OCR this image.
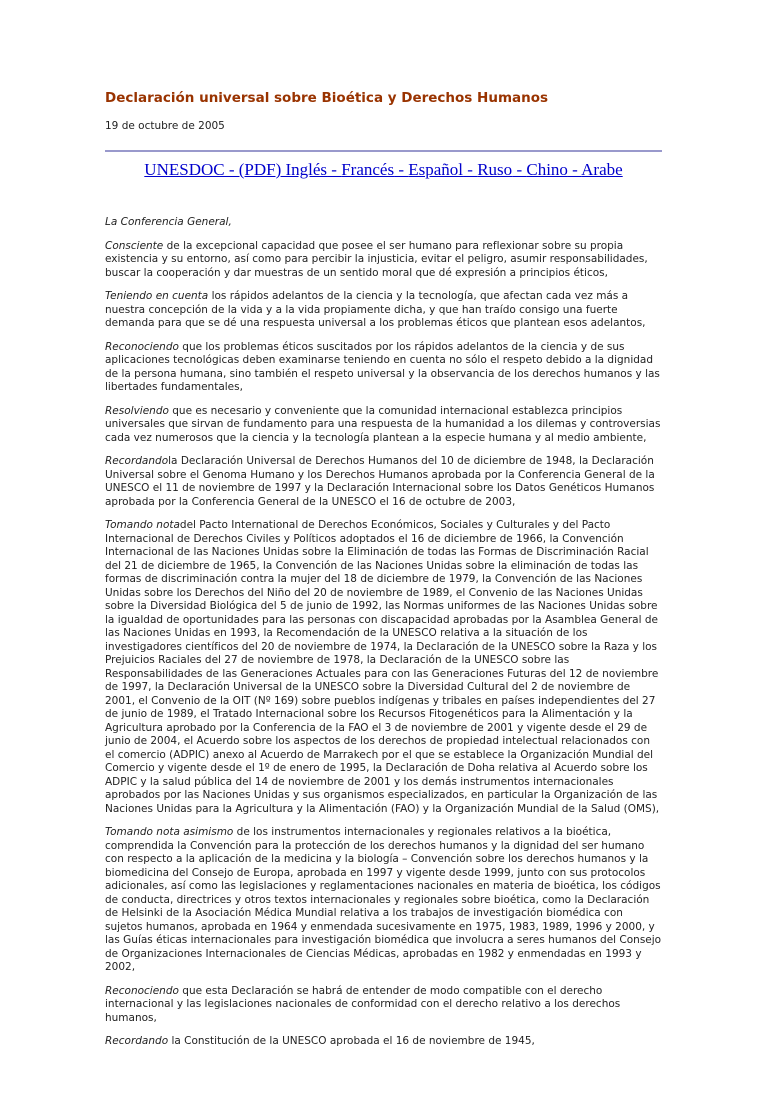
Declaración universal sobre Bioética y Derechos Humanos
19 de octubre de 2005
UNESDOC - (PDF) Inglés - Francés - Español - Ruso - Chino - Arabe

La Conferencia General,

Consciente de la excepcional capacidad que posee el ser humano para reflexionar sobre su propia existencia y su entorno, así como para percibir la injusticia, evitar el peligro, asumir responsabilidades, buscar la cooperación y dar muestras de un sentido moral que dé expresión a principios éticos,

Teniendo en cuenta los rápidos adelantos de la ciencia y la tecnología, que afectan cada vez más a nuestra concepción de la vida y a la vida propiamente dicha, y que han traído consigo una fuerte demanda para que se dé una respuesta universal a los problemas éticos que plantean esos adelantos,

Reconociendo que los problemas éticos suscitados por los rápidos adelantos de la ciencia y de sus aplicaciones tecnológicas deben examinarse teniendo en cuenta no sólo el respeto debido a la dignidad de la persona humana, sino también el respeto universal y la observancia de los derechos humanos y las libertades fundamentales,

Resolviendo que es necesario y conveniente que la comunidad internacional establezca principios universales que sirvan de fundamento para una respuesta de la humanidad a los dilemas y controversias cada vez numerosos que la ciencia y la tecnología plantean a la especie humana y al medio ambiente,

Recordandola Declaración Universal de Derechos Humanos del 10 de diciembre de 1948, la Declaración Universal sobre el Genoma Humano y los Derechos Humanos aprobada por la Conferencia General de la UNESCO el 11 de noviembre de 1997 y la Declaración Internacional sobre los Datos Genéticos Humanos aprobada por la Conferencia General de la UNESCO el 16 de octubre de 2003,

Tomando notadel Pacto International de Derechos Económicos, Sociales y Culturales y del Pacto Internacional de Derechos Civiles y Políticos adoptados el 16 de diciembre de 1966, la Convención Internacional de las Naciones Unidas sobre la Eliminación de todas las Formas de Discriminación Racial del 21 de diciembre de 1965, la Convención de las Naciones Unidas sobre la eliminación de todas las formas de discriminación contra la mujer del 18 de diciembre de 1979, la Convención de las Naciones Unidas sobre los Derechos del Niño del 20 de noviembre de 1989, el Convenio de las Naciones Unidas sobre la Diversidad Biológica del 5 de junio de 1992, las Normas uniformes de las Naciones Unidas sobre la igualdad de oportunidades para las personas con discapacidad aprobadas por la Asamblea General de las Naciones Unidas en 1993, la Recomendación de la UNESCO relativa a la situación de los investigadores científicos del 20 de noviembre de 1974, la Declaración de la UNESCO sobre la Raza y los Prejuicios Raciales del 27 de noviembre de 1978, la Declaración de la UNESCO sobre las Responsabilidades de las Generaciones Actuales para con las Generaciones Futuras del 12 de noviembre de 1997, la Declaración Universal de la UNESCO sobre la Diversidad Cultural del 2 de noviembre de 2001, el Convenio de la OIT (Nº 169) sobre pueblos indígenas y tribales en países independientes del 27 de junio de 1989, el Tratado Internacional sobre los Recursos Fitogenéticos para la Alimentación y la Agricultura aprobado por la Conferencia de la FAO el 3 de noviembre de 2001 y vigente desde el 29 de junio de 2004, el Acuerdo sobre los aspectos de los derechos de propiedad intelectual relacionados con el comercio (ADPIC) anexo al Acuerdo de Marrakech por el que se establece la Organización Mundial del Comercio y vigente desde el 1º de enero de 1995, la Declaración de Doha relativa al Acuerdo sobre los ADPIC y la salud pública del 14 de noviembre de 2001 y los demás instrumentos internacionales aprobados por las Naciones Unidas y sus organismos especializados, en particular la Organización de las Naciones Unidas para la Agricultura y la Alimentación (FAO) y la Organización Mundial de la Salud (OMS),

Tomando nota asimismo de los instrumentos internacionales y regionales relativos a la bioética, comprendida la Convención para la protección de los derechos humanos y la dignidad del ser humano con respecto a la aplicación de la medicina y la biología – Convención sobre los derechos humanos y la biomedicina del Consejo de Europa, aprobada en 1997 y vigente desde 1999, junto con sus protocolos adicionales, así como las legislaciones y reglamentaciones nacionales en materia de bioética, los códigos de conducta, directrices y otros textos internacionales y regionales sobre bioética, como la Declaración de Helsinki de la Asociación Médica Mundial relativa a los trabajos de investigación biomédica con sujetos humanos, aprobada en 1964 y enmendada sucesivamente en 1975, 1983, 1989, 1996 y 2000, y las Guías éticas internacionales para investigación biomédica que involucra a seres humanos del Consejo de Organizaciones Internacionales de Ciencias Médicas, aprobadas en 1982 y enmendadas en 1993 y 2002,

Reconociendo que esta Declaración se habrá de entender de modo compatible con el derecho internacional y las legislaciones nacionales de conformidad con el derecho relativo a los derechos humanos,

Recordando la Constitución de la UNESCO aprobada el 16 de noviembre de 1945,
